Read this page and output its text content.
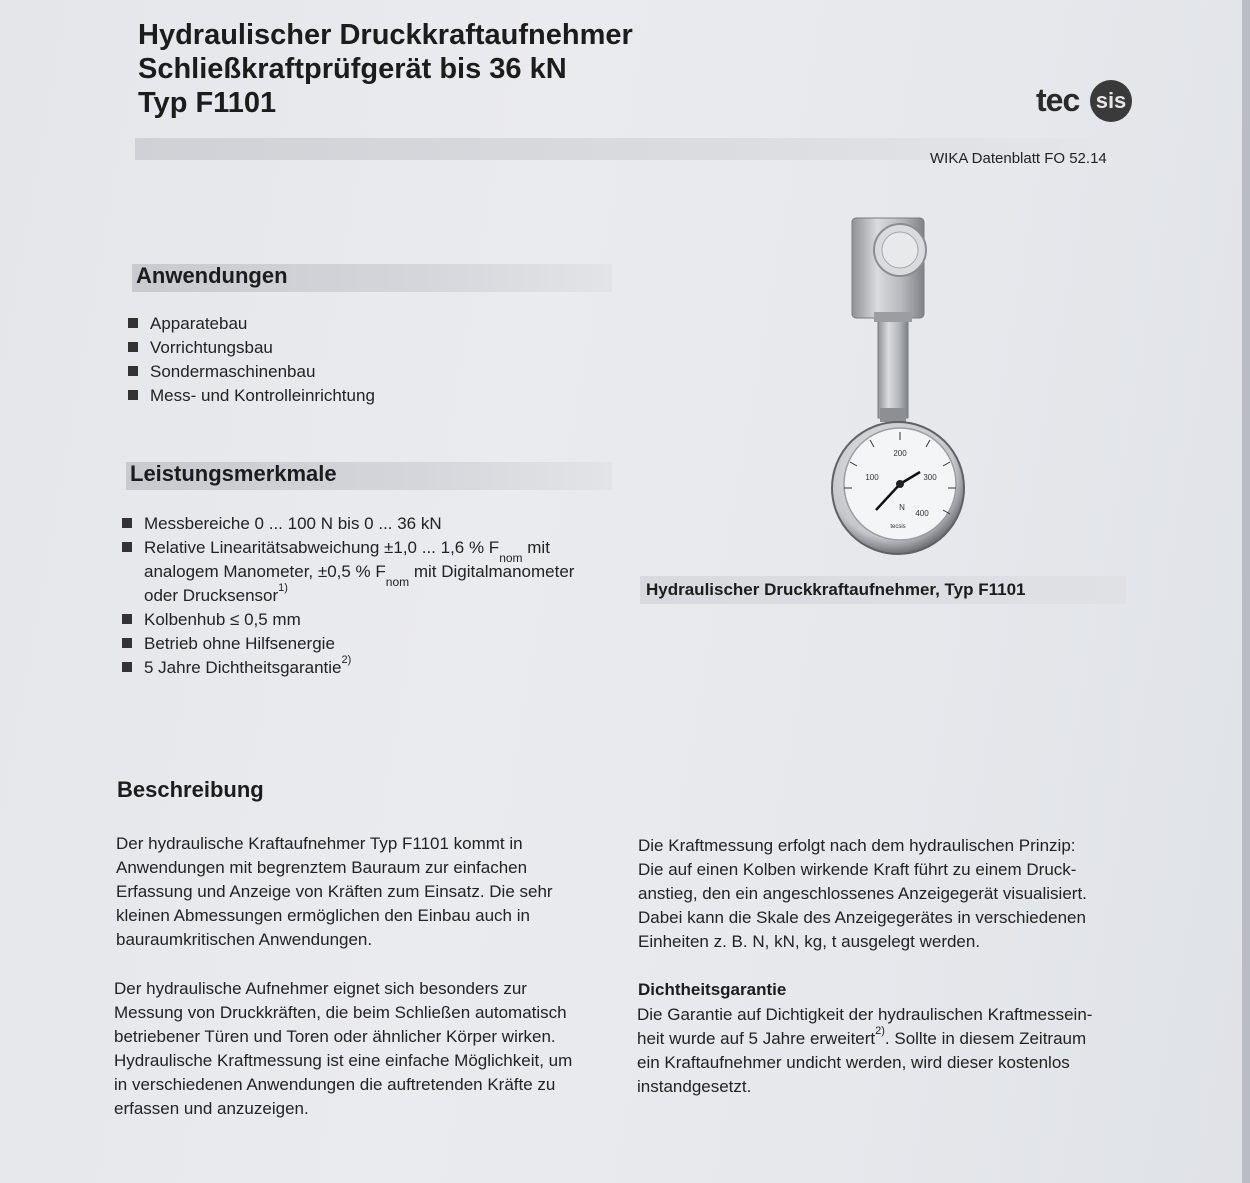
Hydraulischer Druckkraftaufnehmer
Schließkraftprüfgerät bis 36 kN
Typ F1101	tec sis
WIKA Datenblatt FO 52.14
Anwendungen
Apparatebau
Vorrichtungsbau
Sondermaschinenbau
Mess- und Kontrolleinrichtung
Leistungsmerkmale
Messbereiche 0 ... 100 N bis 0 ... 36 kN
Relative Linearitätsabweichung ±1,0 ... 1,6 % $F_{nom}$ mit
analogem Manometer, ±0,5 % $F_{nom}$ mit Digitalmanometer
oder Drucksensor$^{1)}$
Kolbenhub ≤ 0,5 mm
Betrieb ohne Hilfsenergie
5 Jahre Dichtheitsgarantie$^{2)}$
200
100	300
400
N
tecsis
Hydraulischer Druckkraftaufnehmer, Typ F1101
Beschreibung
Der hydraulische Kraftaufnehmer Typ F1101 kommt in
Anwendungen mit begrenztem Bauraum zur einfachen
Erfassung und Anzeige von Kräften zum Einsatz. Die sehr
kleinen Abmessungen ermöglichen den Einbau auch in
bauraumkritischen Anwendungen.
Der hydraulische Aufnehmer eignet sich besonders zur
Messung von Druckkräften, die beim Schließen automatisch
betriebener Türen und Toren oder ähnlicher Körper wirken.
Hydraulische Kraftmessung ist eine einfache Möglichkeit, um
in verschiedenen Anwendungen die auftretenden Kräfte zu
erfassen und anzuzeigen.
Die Kraftmessung erfolgt nach dem hydraulischen Prinzip:
Die auf einen Kolben wirkende Kraft führt zu einem Druck-
anstieg, den ein angeschlossenes Anzeigegerät visualisiert.
Dabei kann die Skale des Anzeigegerätes in verschiedenen
Einheiten z. B. N, kN, kg, t ausgelegt werden.
Dichtheitsgarantie
Die Garantie auf Dichtigkeit der hydraulischen Kraftmessein-
heit wurde auf 5 Jahre erweitert$^{2)}$. Sollte in diesem Zeitraum
ein Kraftaufnehmer undicht werden, wird dieser kostenlos
instandgesetzt.
